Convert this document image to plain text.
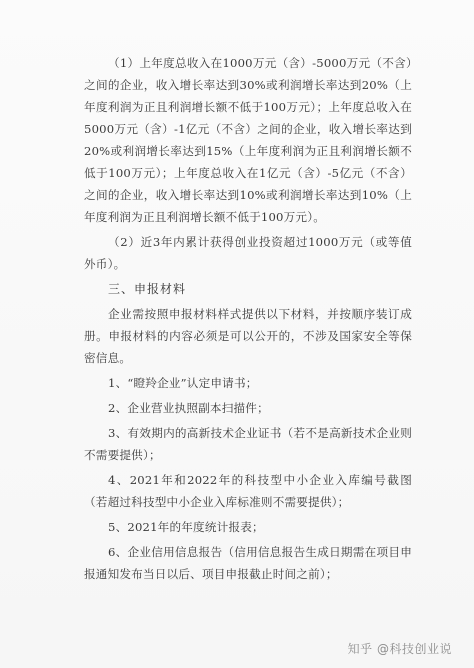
（1）上年度总收入在1000万元（含）-5000万元（不含）之间的企业，收入增长率达到30%或利润增长率达到20%（上年度利润为正且利润增长额不低于100万元）；上年度总收入在5000万元（含）-1亿元（不含）之间的企业，收入增长率达到20%或利润增长率达到15%（上年度利润为正且利润增长额不低于100万元）；上年度总收入在1亿元（含）-5亿元（不含）之间的企业，收入增长率达到10%或利润增长率达到10%（上年度利润为正且利润增长额不低于100万元）。

（2）近3年内累计获得创业投资超过1000万元（或等值外币）。

三、申报材料

企业需按照申报材料样式提供以下材料，并按顺序装订成册。申报材料的内容必须是可以公开的，不涉及国家安全等保密信息。

1、“瞪羚企业”认定申请书；

2、企业营业执照副本扫描件；

3、有效期内的高新技术企业证书（若不是高新技术企业则不需要提供）；

4、2021年和2022年的科技型中小企业入库编号截图（若超过科技型中小企业入库标准则不需要提供）；

5、2021年的年度统计报表；

6、企业信用信息报告（信用信息报告生成日期需在项目申报通知发布当日以后、项目申报截止时间之前）；

知乎 @科技创业说
